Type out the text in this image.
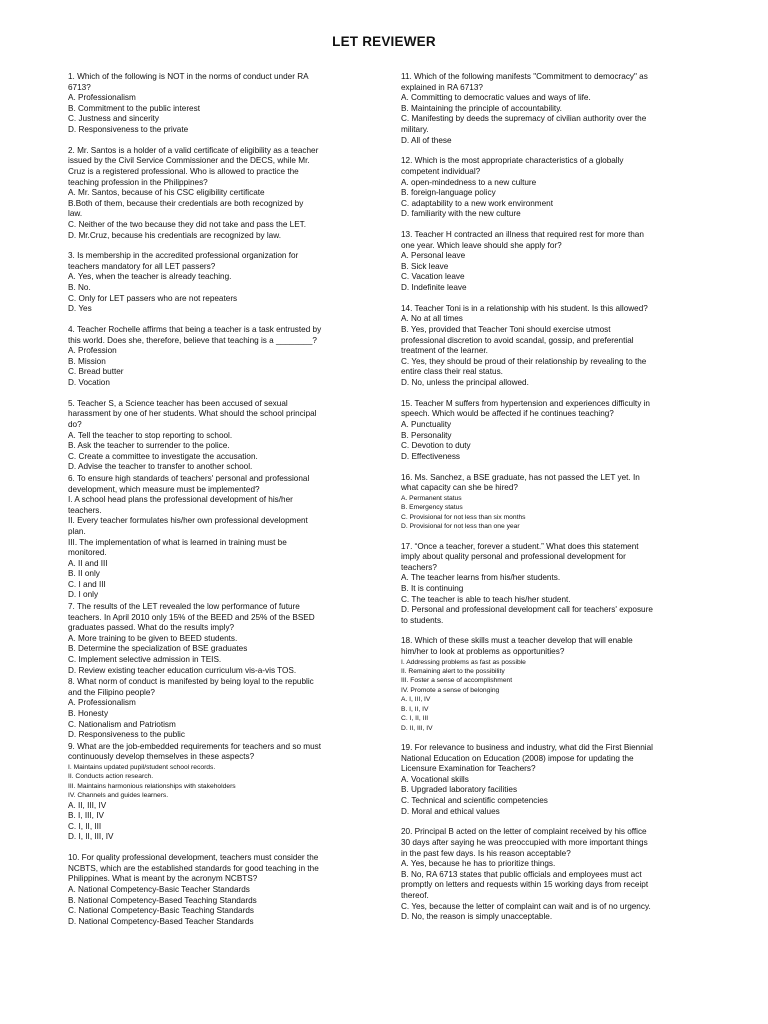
LET REVIEWER
1. Which of the following is NOT in the norms of conduct under RA
6713?
A. Professionalism
B. Commitment to the public interest
C. Justness and sincerity
D. Responsiveness to the private
2. Mr. Santos is a holder of a valid certificate of eligibility as a teacher
issued by the Civil Service Commissioner and the DECS, while Mr.
Cruz is a registered professional. Who is allowed to practice the
teaching profession in the Philippines?
A. Mr. Santos, because of his CSC eligibility certificate
B.Both of them, because their credentials are both recognized by
law.
C. Neither of the two because they did not take and pass the LET.
D. Mr.Cruz, because his credentials are recognized by law.
3. Is membership in the accredited professional organization for
teachers mandatory for all LET passers?
A. Yes, when the teacher is already teaching.
B. No.
C. Only for LET passers who are not repeaters
D. Yes
4. Teacher Rochelle affirms that being a teacher is a task entrusted by
this world. Does she, therefore, believe that teaching is a ________?
A. Profession
B. Mission
C. Bread butter
D. Vocation
5. Teacher S, a Science teacher has been accused of sexual
harassment by one of her students. What should the school principal
do?
A. Tell the teacher to stop reporting to school.
B. Ask the teacher to surrender to the police.
C. Create a committee to investigate the accusation.
D. Advise the teacher to transfer to another school.
6. To ensure high standards of teachers' personal and professional
development, which measure must be implemented?
I. A school head plans the professional development of his/her
teachers.
II. Every teacher formulates his/her own professional development
plan.
III. The implementation of what is learned in training must be
monitored.
A. II and III
B. II only
C. I and III
D. I only
7. The results of the LET revealed the low performance of future
teachers. In April 2010 only 15% of the BEED and 25% of the BSED
graduates passed. What do the results imply?
A. More training to be given to BEED students.
B. Determine the specialization of BSE graduates
C. Implement selective admission in TEIS.
D. Review existing teacher education curriculum vis-a-vis TOS.
8. What norm of conduct is manifested by being loyal to the republic
and the Filipino people?
A. Professionalism
B. Honesty
C. Nationalism and Patriotism
D. Responsiveness to the public
9. What are the job-embedded requirements for teachers and so must
continuously develop themselves in these aspects?
I. Maintains updated pupil/student school records.
II. Conducts action research.
III. Maintains harmonious relationships with stakeholders
IV. Channels and guides learners.
A. II, III, IV
B. I, III, IV
C. I, II, III
D. I, II, III, IV
10. For quality professional development, teachers must consider the
NCBTS, which are the established standards for good teaching in the
Philippines. What is meant by the acronym NCBTS?
A. National Competency-Basic Teacher Standards
B. National Competency-Based Teaching Standards
C. National Competency-Basic Teaching Standards
D. National Competency-Based Teacher Standards
11. Which of the following manifests "Commitment to democracy" as
explained in RA 6713?
A. Committing to democratic values and ways of life.
B. Maintaining the principle of accountability.
C. Manifesting by deeds the supremacy of civilian authority over the
military.
D. All of these
12. Which is the most appropriate characteristics of a globally
competent individual?
A. open-mindedness to a new culture
B. foreign-language policy
C. adaptability to a new work environment
D. familiarity with the new culture
13. Teacher H contracted an illness that required rest for more than
one year. Which leave should she apply for?
A. Personal leave
B. Sick leave
C. Vacation leave
D. Indefinite leave
14. Teacher Toni is in a relationship with his student. Is this allowed?
A. No at all times
B. Yes, provided that Teacher Toni should exercise utmost
professional discretion to avoid scandal, gossip, and preferential
treatment of the learner.
C. Yes, they should be proud of their relationship by revealing to the
entire class their real status.
D. No, unless the principal allowed.
15. Teacher M suffers from hypertension and experiences difficulty in
speech. Which would be affected if he continues teaching?
A. Punctuality
B. Personality
C. Devotion to duty
D. Effectiveness
16. Ms. Sanchez, a BSE graduate, has not passed the LET yet. In
what capacity can she be hired?
A. Permanent status
B. Emergency status
C. Provisional for not less than six months
D. Provisional for not less than one year
17. “Once a teacher, forever a student.” What does this statement
imply about quality personal and professional development for
teachers?
A. The teacher learns from his/her students.
B. It is continuing
C. The teacher is able to teach his/her student.
D. Personal and professional development call for teachers' exposure
to students.
18. Which of these skills must a teacher develop that will enable
him/her to look at problems as opportunities?
I. Addressing problems as fast as possible
II. Remaining alert to the possibility
III. Foster a sense of accomplishment
IV. Promote a sense of belonging
A. I, III, IV
B. I, II, IV
C. I, II, III
D. II, III, IV
19. For relevance to business and industry, what did the First Biennial
National Education on Education (2008) impose for updating the
Licensure Examination for Teachers?
A. Vocational skills
B. Upgraded laboratory facilities
C. Technical and scientific competencies
D. Moral and ethical values
20. Principal B acted on the letter of complaint received by his office
30 days after saying he was preoccupied with more important things
in the past few days. Is his reason acceptable?
A. Yes, because he has to prioritize things.
B. No, RA 6713 states that public officials and employees must act
promptly on letters and requests within 15 working days from receipt
thereof.
C. Yes, because the letter of complaint can wait and is of no urgency.
D. No, the reason is simply unacceptable.
